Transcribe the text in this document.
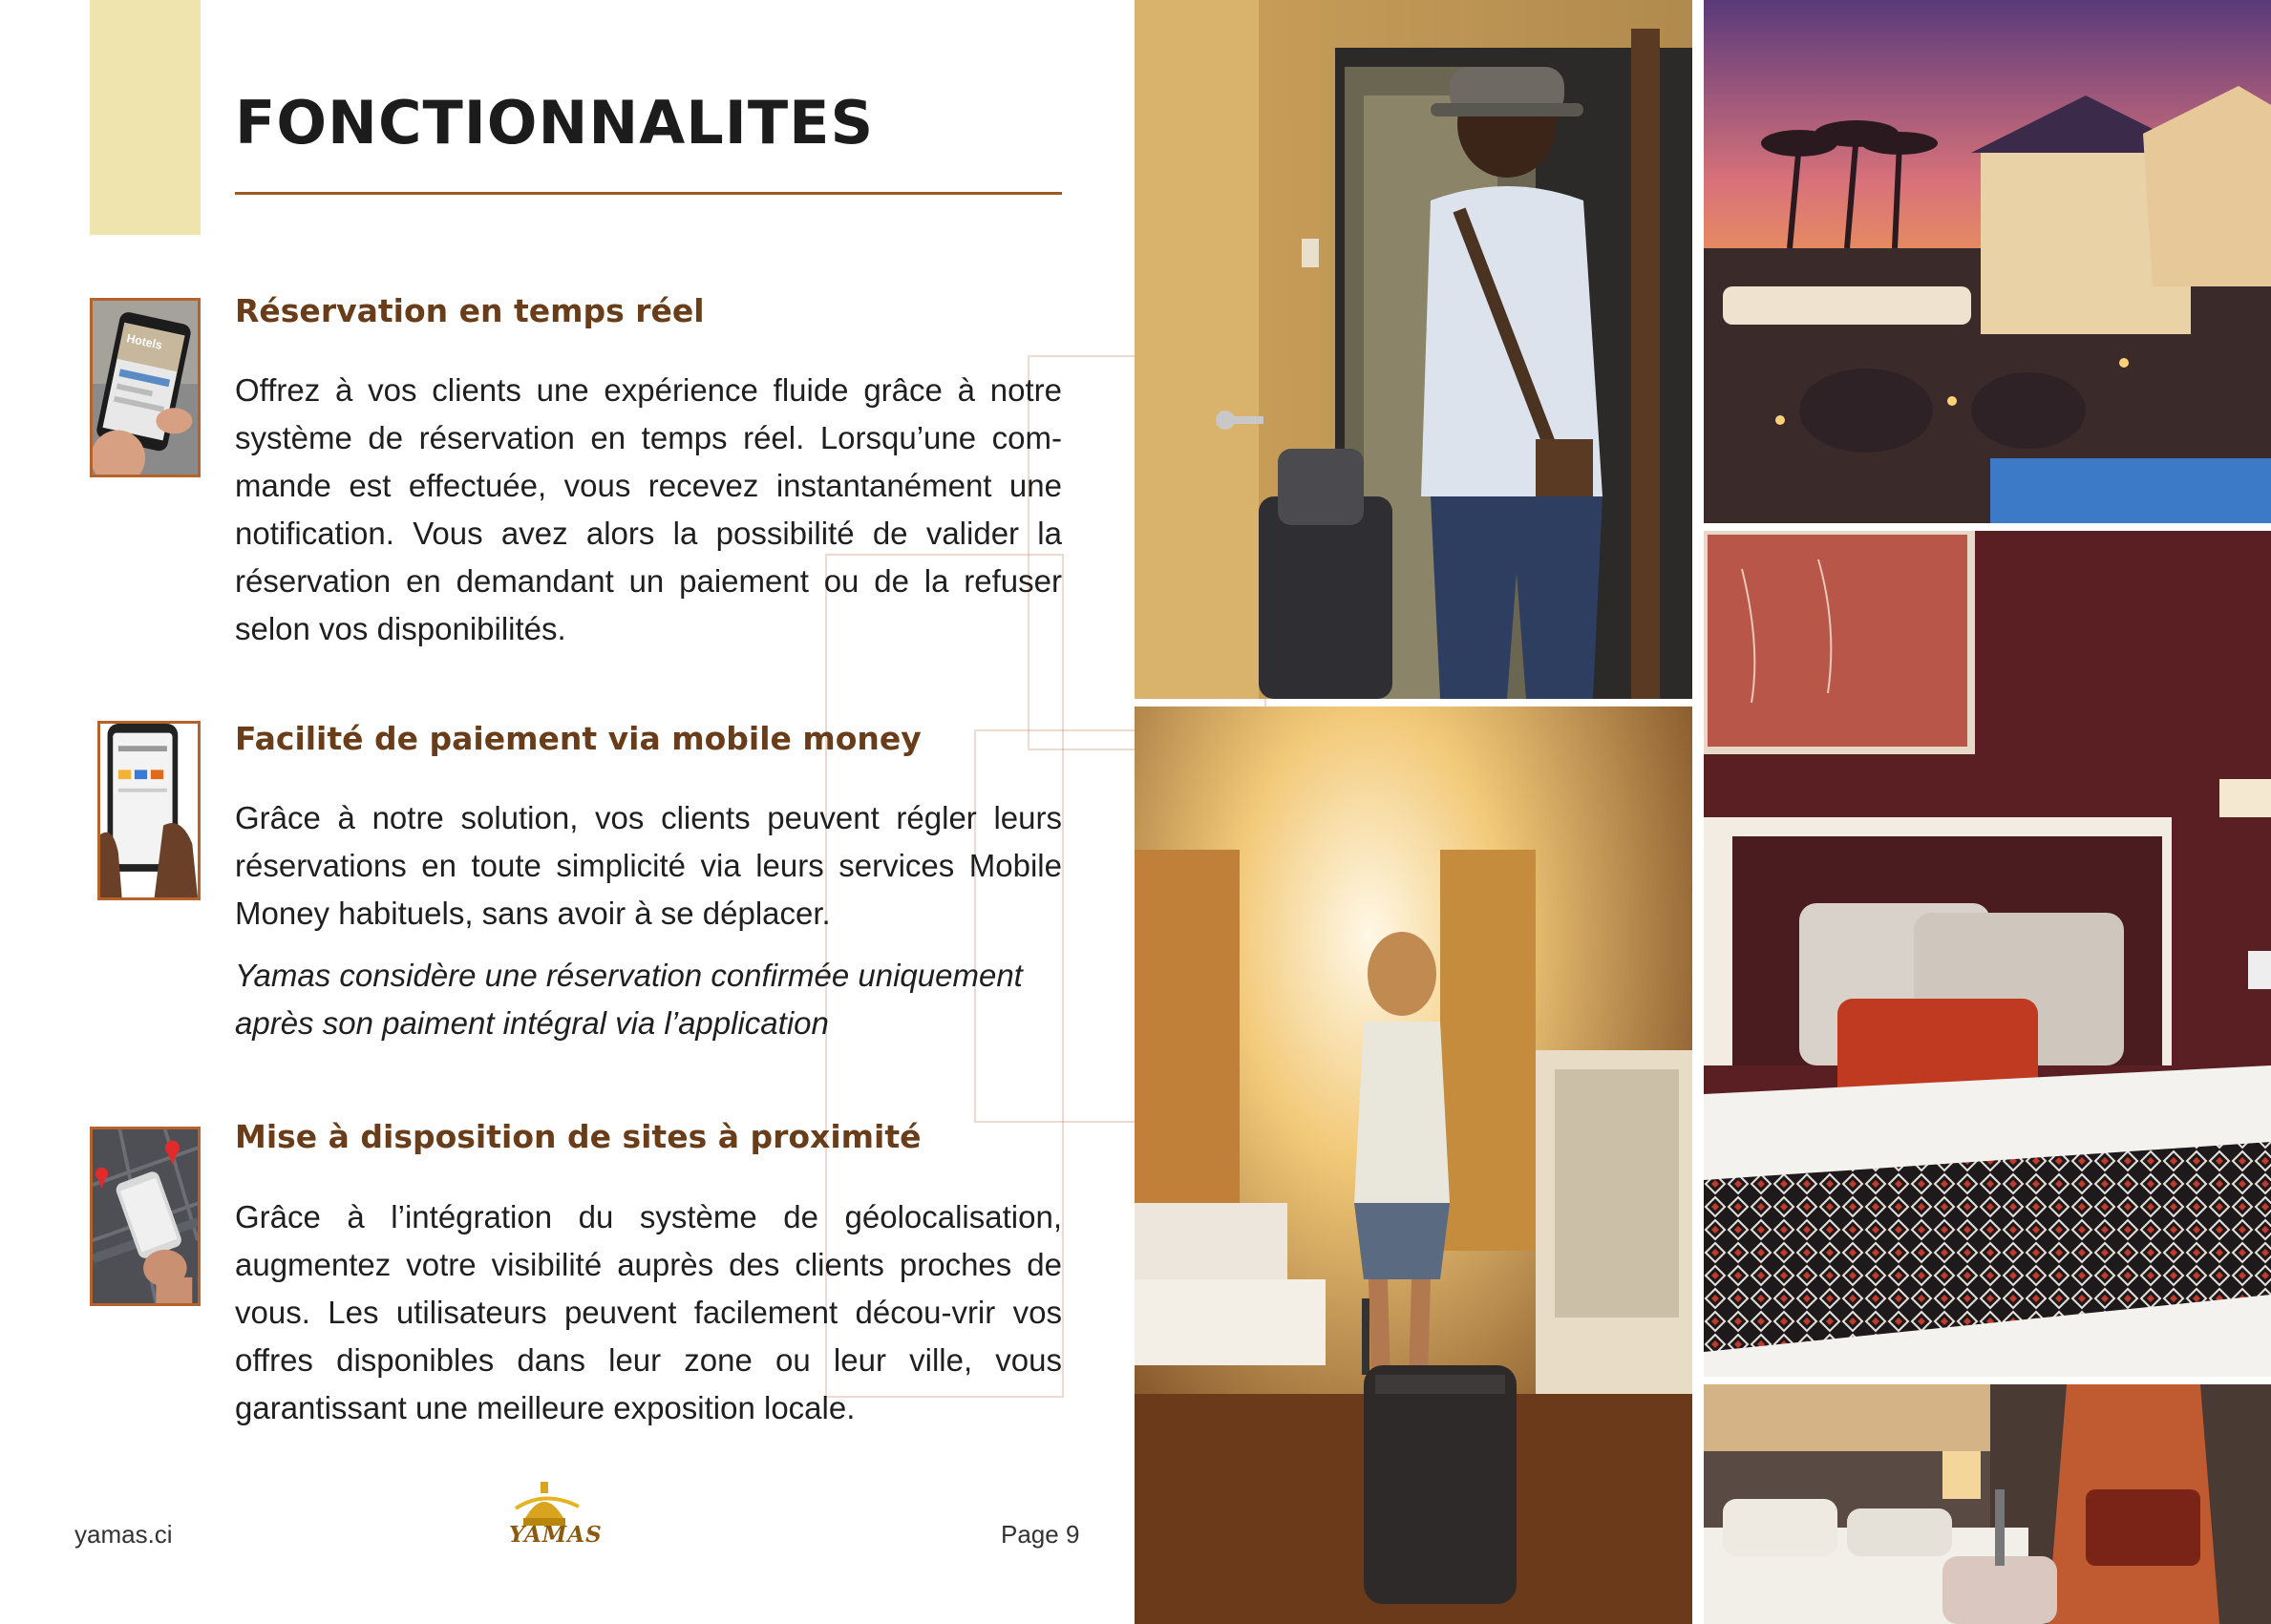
FONCTIONNALITES
Hotels
Réservation en temps réel

Offrez à vos clients une expérience fluide grâce à notre système de réservation en temps réel. Lorsqu’une com-mande est effectuée, vous recevez instantanément une notification. Vous avez alors la possibilité de valider la réservation en demandant un paiement ou de la refuser selon vos disponibilités.

Facilité de paiement via mobile money

Grâce à notre solution, vos clients peuvent régler leurs réservations en toute simplicité via leurs services Mobile Money habituels, sans avoir à se déplacer.

Yamas considère une réservation confirmée uniquement après son paiment intégral via l’application

Mise à disposition de sites à proximité

Grâce à l’intégration du système de géolocalisation, augmentez votre visibilité auprès des clients proches de vous. Les utilisateurs peuvent facilement décou-vrir vos offres disponibles dans leur zone ou leur ville, vous garantissant une meilleure exposition locale.

yamas.ci	YAMAS	Page 9
